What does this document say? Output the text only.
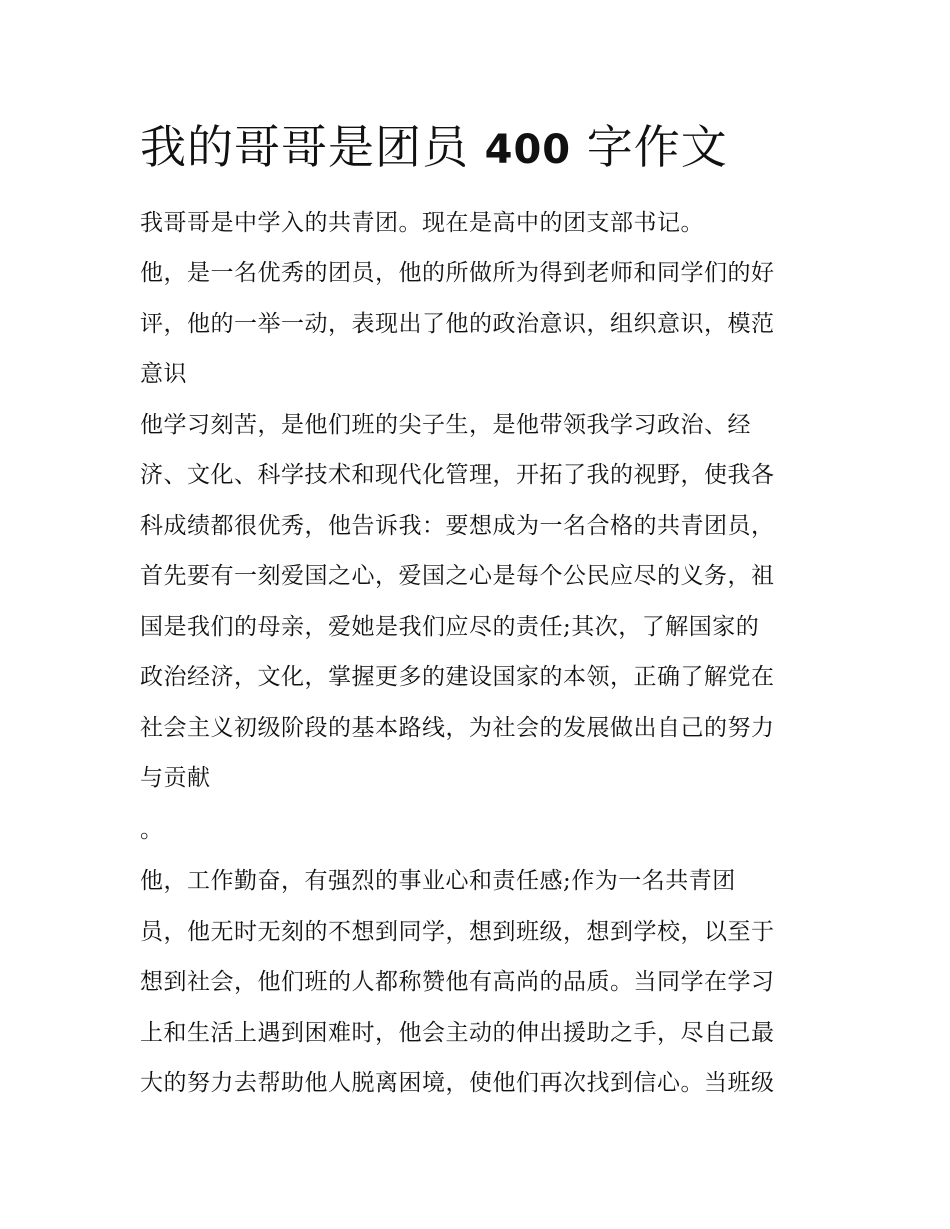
我的哥哥是团员 400 字作文

我哥哥是中学入的共青团。现在是高中的团支部书记。

他，是一名优秀的团员，他的所做所为得到老师和同学们的好

评，他的一举一动，表现出了他的政治意识，组织意识，模范

意识

他学习刻苦，是他们班的尖子生，是他带领我学习政治、经

济、文化、科学技术和现代化管理，开拓了我的视野，使我各

科成绩都很优秀，他告诉我：要想成为一名合格的共青团员，

首先要有一刻爱国之心，爱国之心是每个公民应尽的义务，祖

国是我们的母亲，爱她是我们应尽的责任;其次，了解国家的

政治经济，文化，掌握更多的建设国家的本领，正确了解党在

社会主义初级阶段的基本路线，为社会的发展做出自己的努力

与贡献

。

他，工作勤奋，有强烈的事业心和责任感;作为一名共青团

员，他无时无刻的不想到同学，想到班级，想到学校，以至于

想到社会，他们班的人都称赞他有高尚的品质。当同学在学习

上和生活上遇到困难时，他会主动的伸出援助之手，尽自己最

大的努力去帮助他人脱离困境，使他们再次找到信心。当班级
